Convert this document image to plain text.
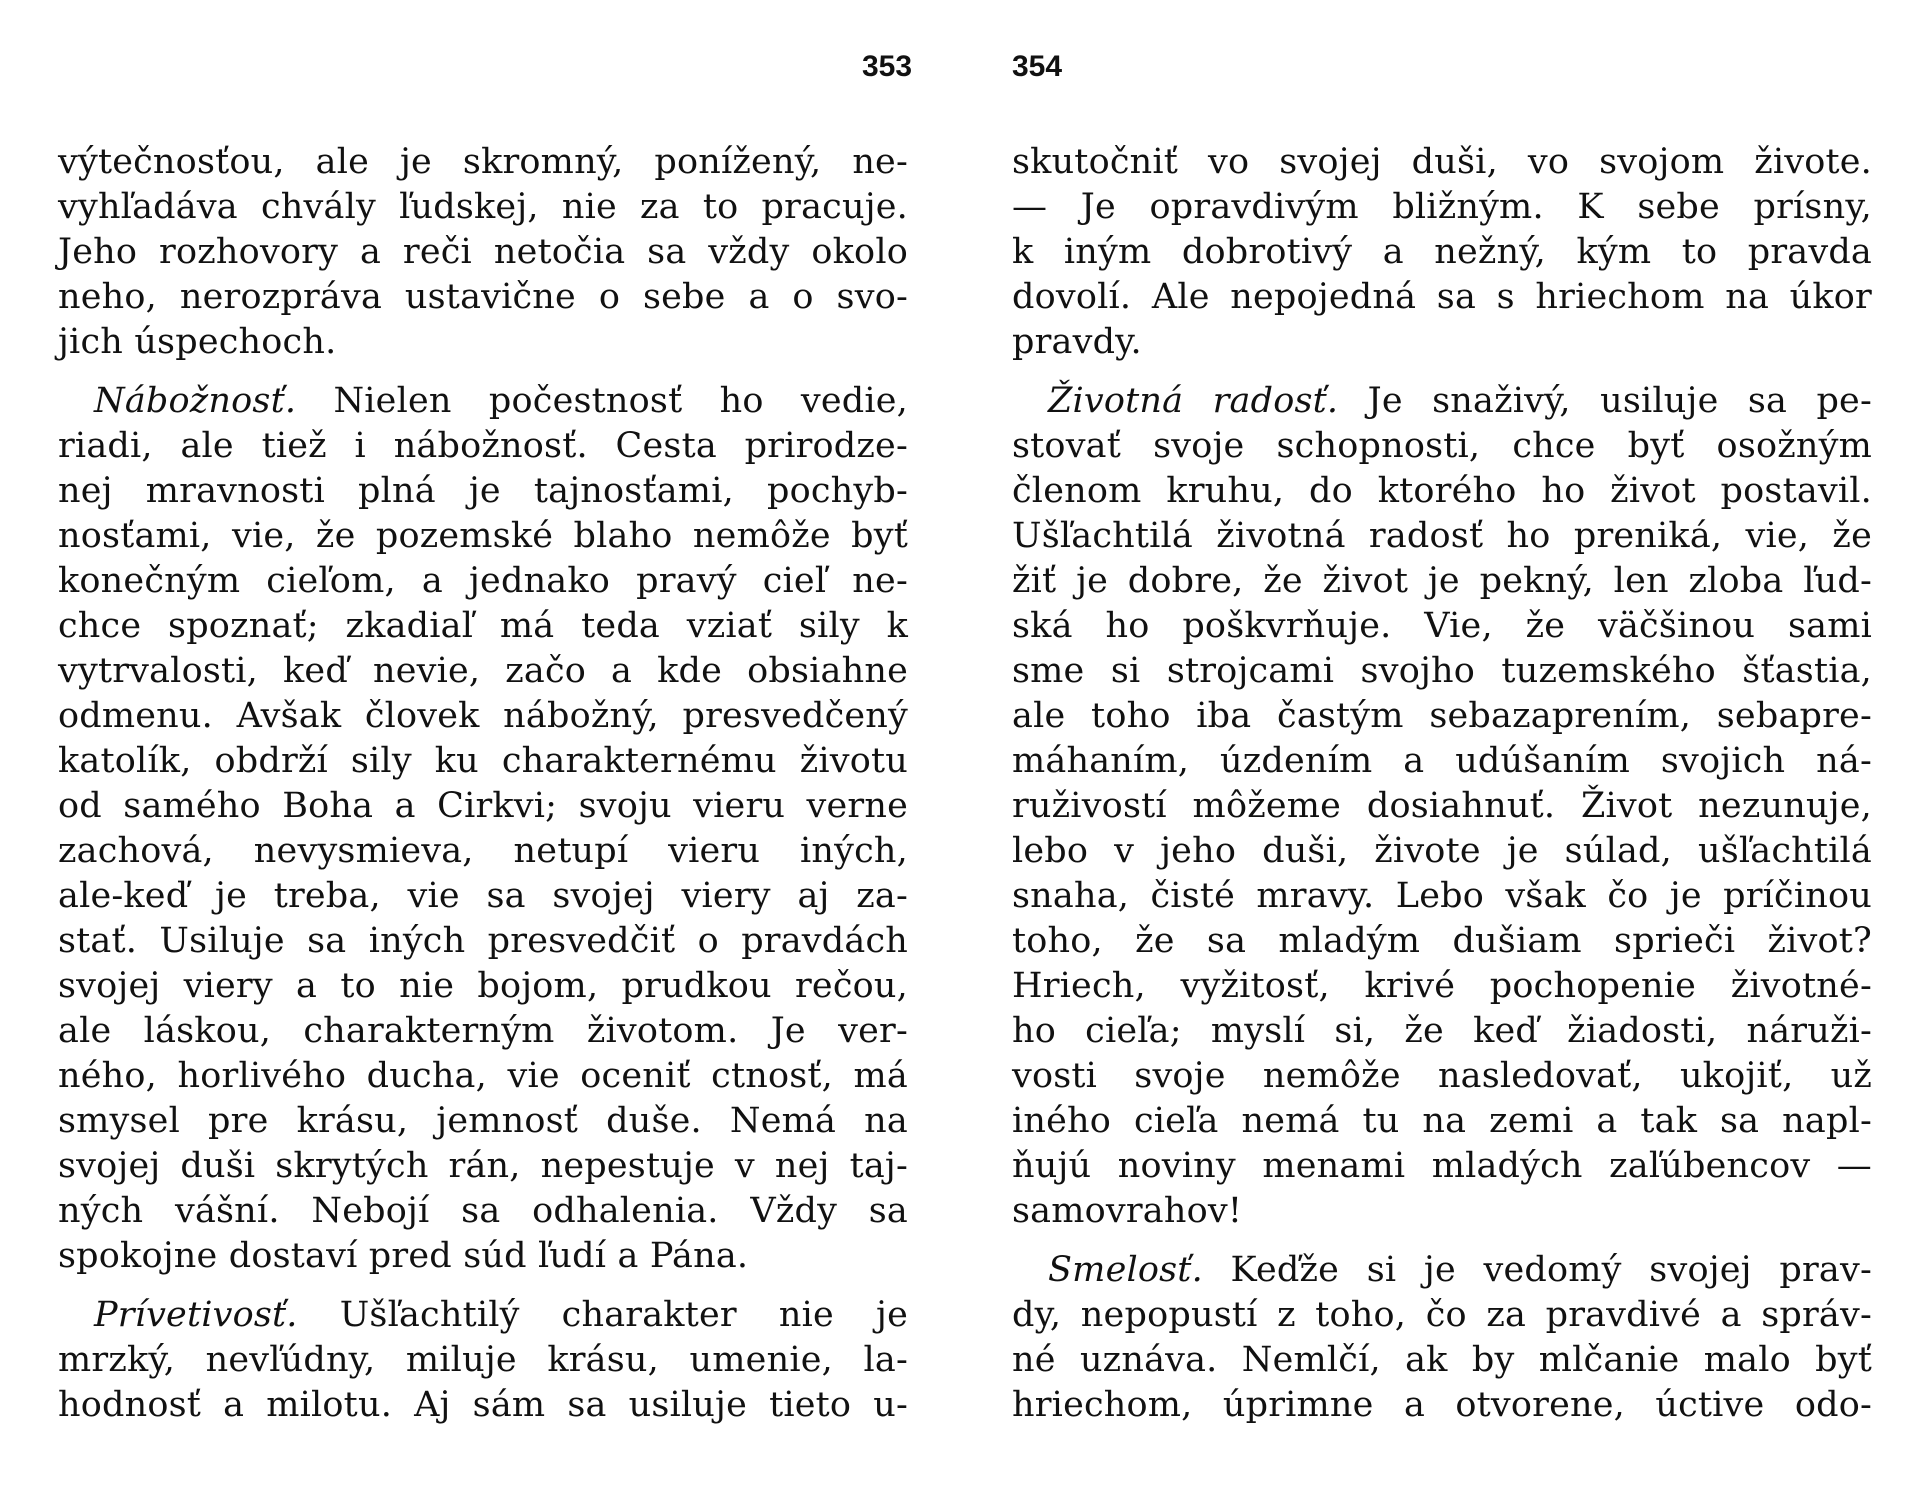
353
výtečnosťou, ale je skromný, ponížený, ne-
vyhľadáva chvály ľudskej, nie za to pracuje.
Jeho rozhovory a reči netočia sa vždy okolo
neho, nerozpráva ustavične o sebe a o svo-
jich úspechoch.
Nábožnosť. Nielen počestnosť ho vedie,
riadi, ale tiež i nábožnosť. Cesta prirodze-
nej mravnosti plná je tajnosťami, pochyb-
nosťami, vie, že pozemské blaho nemôže byť
konečným cieľom, a jednako pravý cieľ ne-
chce spoznať; zkadiaľ má teda vziať sily k
vytrvalosti, keď nevie, začo a kde obsiahne
odmenu. Avšak človek nábožný, presvedčený
katolík, obdrží sily ku charakternému životu
od samého Boha a Cirkvi; svoju vieru verne
zachová, nevysmieva, netupí vieru iných,
ale-keď je treba, vie sa svojej viery aj za-
stať. Usiluje sa iných presvedčiť o pravdách
svojej viery a to nie bojom, prudkou rečou,
ale láskou, charakterným životom. Je ver-
ného, horlivého ducha, vie oceniť ctnosť, má
smysel pre krásu, jemnosť duše. Nemá na
svojej duši skrytých rán, nepestuje v nej taj-
ných vášní. Nebojí sa odhalenia. Vždy sa
spokojne dostaví pred súd ľudí a Pána.
Prívetivosť. Ušľachtilý charakter nie je
mrzký, nevľúdny, miluje krásu, umenie, la-
hodnosť a milotu. Aj sám sa usiluje tieto u-
354
skutočniť vo svojej duši, vo svojom živote.
— Je opravdivým bližným. K sebe prísny,
k iným dobrotivý a nežný, kým to pravda
dovolí. Ale nepojedná sa s hriechom na úkor
pravdy.
Životná radosť. Je snaživý, usiluje sa pe-
stovať svoje schopnosti, chce byť osožným
členom kruhu, do ktorého ho život postavil.
Ušľachtilá životná radosť ho preniká, vie, že
žiť je dobre, že život je pekný, len zloba ľud-
ská ho poškvrňuje. Vie, že väčšinou sami
sme si strojcami svojho tuzemského šťastia,
ale toho iba častým sebazaprením, sebapre-
máhaním, úzdením a udúšaním svojich ná-
ruživostí môžeme dosiahnuť. Život nezunuje,
lebo v jeho duši, živote je súlad, ušľachtilá
snaha, čisté mravy. Lebo však čo je príčinou
toho, že sa mladým dušiam sprieči život?
Hriech, vyžitosť, krivé pochopenie životné-
ho cieľa; myslí si, že keď žiadosti, náruži-
vosti svoje nemôže nasledovať, ukojiť, už
iného cieľa nemá tu na zemi a tak sa napl-
ňujú noviny menami mladých zaľúbencov —
samovrahov!
Smelosť. Keďže si je vedomý svojej prav-
dy, nepopustí z toho, čo za pravdivé a správ-
né uznáva. Nemlčí, ak by mlčanie malo byť
hriechom, úprimne a otvorene, úctive odo-
